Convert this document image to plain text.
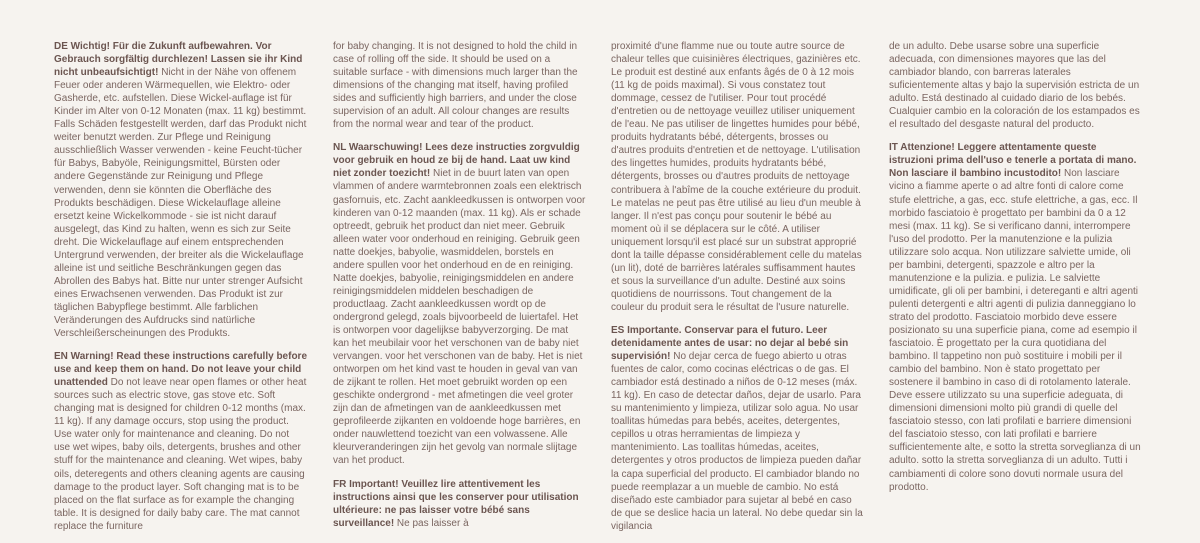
DE Wichtig! Für die Zukunft aufbewahren. Vor Gebrauch sorgfältig durchlezen! Lassen sie ihr Kind nicht unbeaufsichtigt! Nicht in der Nähe von offenem Feuer oder anderen Wärmequellen, wie Elektro- oder Gasherde, etc. aufstellen. Diese Wickel-auflage ist für Kinder im Alter von 0-12 Monaten (max. 11 kg) bestimmt. Falls Schäden festgestellt werden, darf das Produkt nicht weiter benutzt werden. Zur Pflege und Reinigung ausschließlich Wasser verwenden - keine Feucht-tücher für Babys, Babyöle, Reinigungsmittel, Bürsten oder andere Gegenstände zur Reinigung und Pflege verwenden, denn sie könnten die Oberfläche des Produkts beschädigen. Diese Wickelauflage alleine ersetzt keine Wickelkommode - sie ist nicht darauf ausgelegt, das Kind zu halten, wenn es sich zur Seite dreht. Die Wickelauflage auf einem entsprechenden Untergrund verwenden, der breiter als die Wickelauflage alleine ist und seitliche Beschränkungen gegen das Abrollen des Babys hat. Bitte nur unter strenger Aufsicht eines Erwachsenen verwenden. Das Produkt ist zur täglichen Babypflege bestimmt. Alle farblichen Veränderungen des Aufdrucks sind natürliche Verschleißerscheinungen des Produkts.

EN Warning! Read these instructions carefully before use and keep them on hand. Do not leave your child unattended Do not leave near open flames or other heat sources such as electric stove, gas stove etc. Soft changing mat is designed for children 0-12 months (max. 11 kg). If any damage occurs, stop using the product. Use water only for maintenance and cleaning. Do not use wet wipes, baby oils, detergents, brushes and other stuff for the maintenance and cleaning. Wet wipes, baby oils, deteregents and others cleaning agents are causing damage to the product layer. Soft changing mat is to be placed on the flat surface as for example the changing table. It is designed for daily baby care. The mat cannot replace the furniture

for baby changing. It is not designed to hold the child in case of rolling off the side. It should be used on a suitable surface - with dimensions much larger than the dimensions of the changing mat itself, having profiled sides and sufficiently high barriers, and under the close supervision of an adult. All colour changes are results from the normal wear and tear of the product.

NL Waarschuwing! Lees deze instructies zorgvuldig voor gebruik en houd ze bij de hand. Laat uw kind niet zonder toezicht! Niet in de buurt laten van open vlammen of andere warmtebronnen zoals een elektrisch gasfornuis, etc. Zacht aankleedkussen is ontworpen voor kinderen van 0-12 maanden (max. 11 kg). Als er schade optreedt, gebruik het product dan niet meer. Gebruik alleen water voor onderhoud en reiniging. Gebruik geen natte doekjes, babyolie, wasmiddelen, borstels en andere spullen voor het onderhoud en de en reiniging. Natte doekjes, babyolie, reinigingsmiddelen en andere reinigingsmiddelen middelen beschadigen de productlaag. Zacht aankleedkussen wordt op de ondergrond gelegd, zoals bijvoorbeeld de luiertafel. Het is ontworpen voor dagelijkse babyverzorging. De mat kan het meubilair voor het verschonen van de baby niet vervangen. voor het verschonen van de baby. Het is niet ontworpen om het kind vast te houden in geval van van de zijkant te rollen. Het moet gebruikt worden op een geschikte ondergrond - met afmetingen die veel groter zijn dan de afmetingen van de aankleedkussen met geprofileerde zijkanten en voldoende hoge barrières, en onder nauwlettend toezicht van een volwassene. Alle kleurveranderingen zijn het gevolg van normale slijtage van het product.

FR Important! Veuillez lire attentivement les instructions ainsi que les conserver pour utilisation ultérieure: ne pas laisser votre bébé sans surveillance! Ne pas laisser à

proximité d'une flamme nue ou toute autre source de chaleur telles que cuisinières électriques, gazinières etc. Le produit est destiné aux enfants âgés de 0 à 12 mois (11 kg de poids maximal). Si vous constatez tout dommage, cessez de l'utiliser. Pour tout procédé d'entretien ou de nettoyage veuillez utiliser uniquement de l'eau. Ne pas utiliser de lingettes humides pour bébé, produits hydratants bébé, détergents, brosses ou d'autres produits d'entretien et de nettoyage. L'utilisation des lingettes humides, produits hydratants bébé, détergents, brosses ou d'autres produits de nettoyage contribuera à l'abîme de la couche extérieure du produit. Le matelas ne peut pas être utilisé au lieu d'un meuble à langer. Il n'est pas conçu pour soutenir le bébé au moment où il se déplacera sur le côté. A utiliser uniquement lorsqu'il est placé sur un substrat approprié dont la taille dépasse considérablement celle du matelas (un lit), doté de barrières latérales suffisamment hautes et sous la surveillance d'un adulte. Destiné aux soins quotidiens de nourrissons. Tout changement de la couleur du produit sera le résultat de l'usure naturelle.

ES Importante. Conservar para el futuro. Leer detenidamente antes de usar: no dejar al bebé sin supervisión! No dejar cerca de fuego abierto u otras fuentes de calor, como cocinas eléctricas o de gas. El cambiador está destinado a niños de 0-12 meses (máx. 11 kg). En caso de detectar daños, dejar de usarlo. Para su mantenimiento y limpieza, utilizar solo agua. No usar toallitas húmedas para bebés, aceites, detergentes, cepillos u otras herramientas de limpieza y mantenimiento. Las toallitas húmedas, aceites, detergentes y otros productos de limpieza pueden dañar la capa superficial del producto. El cambiador blando no puede reemplazar a un mueble de cambio. No está diseñado este cambiador para sujetar al bebé en caso de que se deslice hacia un lateral. No debe quedar sin la vigilancia

de un adulto. Debe usarse sobre una superficie adecuada, con dimensiones mayores que las del cambiador blando, con barreras laterales suficientemente altas y bajo la supervisión estricta de un adulto. Está destinado al cuidado diario de los bebés. Cualquier cambio en la coloración de los estampados es el resultado del desgaste natural del producto.

IT Attenzione! Leggere attentamente queste istruzioni prima dell'uso e tenerle a portata di mano. Non lasciare il bambino incustodito! Non lasciare vicino a fiamme aperte o ad altre fonti di calore come stufe elettriche, a gas, ecc. stufe elettriche, a gas, ecc. Il morbido fasciatoio è progettato per bambini da 0 a 12 mesi (max. 11 kg). Se si verificano danni, interrompere l'uso del prodotto. Per la manutenzione e la pulizia utilizzare solo acqua. Non utilizzare salviette umide, oli per bambini, detergenti, spazzole e altro per la manutenzione e la pulizia. e pulizia. Le salviette umidificate, gli oli per bambini, i detereganti e altri agenti pulenti detergenti e altri agenti di pulizia danneggiano lo strato del prodotto. Fasciatoio morbido deve essere posizionato su una superficie piana, come ad esempio il fasciatoio. È progettato per la cura quotidiana del bambino. Il tappetino non può sostituire i mobili per il cambio del bambino. Non è stato progettato per sostenere il bambino in caso di di rotolamento laterale. Deve essere utilizzato su una superficie adeguata, di dimensioni dimensioni molto più grandi di quelle del fasciatoio stesso, con lati profilati e barriere dimensioni del fasciatoio stesso, con lati profilati e barriere sufficientemente alte, e sotto la stretta sorveglianza di un adulto. sotto la stretta sorveglianza di un adulto. Tutti i cambiamenti di colore sono dovuti normale usura del prodotto.
